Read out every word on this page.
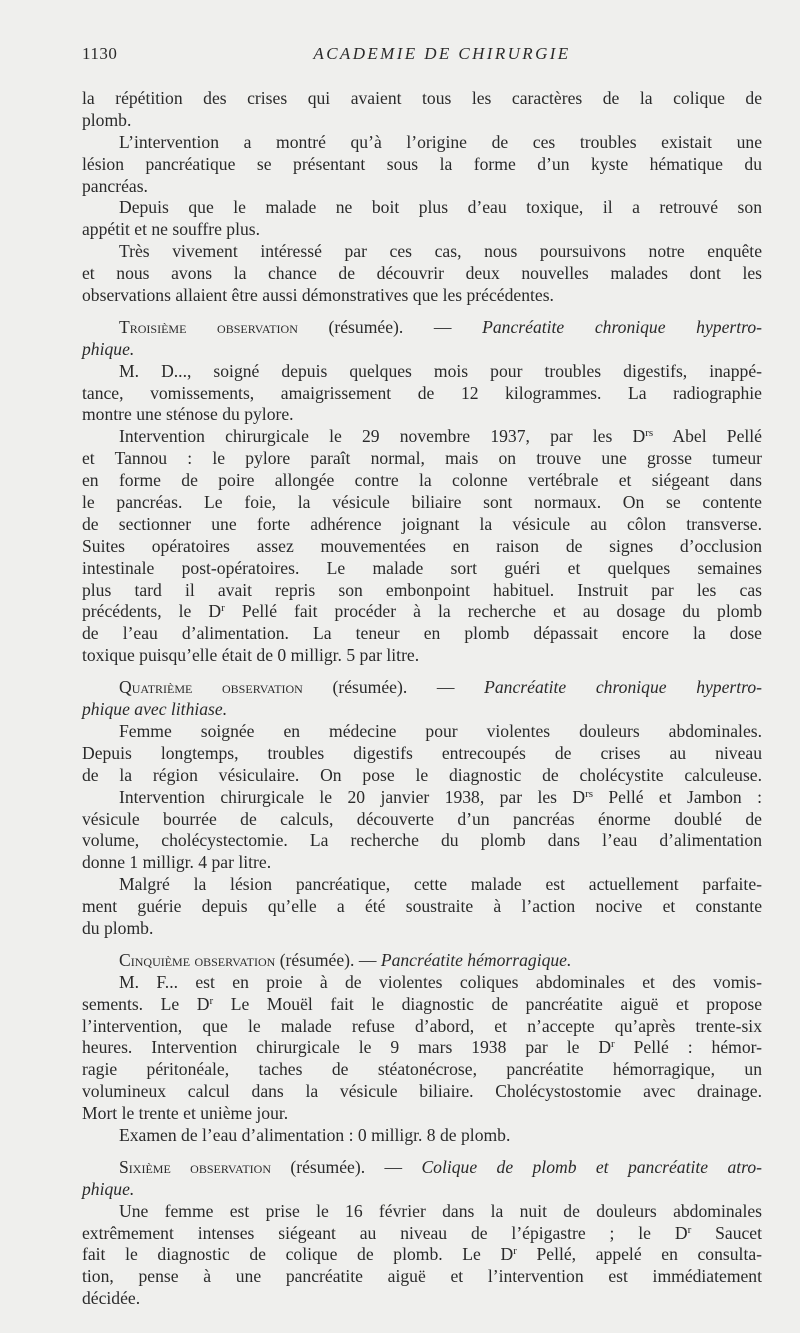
1130	ACADEMIE DE CHIRURGIE
la répétition des crises qui avaient tous les caractères de la colique de
plomb.
L’intervention a montré qu’à l’origine de ces troubles existait une
lésion pancréatique se présentant sous la forme d’un kyste hématique du
pancréas.
Depuis que le malade ne boit plus d’eau toxique, il a retrouvé son
appétit et ne souffre plus.
Très vivement intéressé par ces cas, nous poursuivons notre enquête
et nous avons la chance de découvrir deux nouvelles malades dont les
observations allaient être aussi démonstratives que les précédentes.
Troisième observation (résumée). — Pancréatite chronique hypertro-
phique.
M. D..., soigné depuis quelques mois pour troubles digestifs, inappé-
tance, vomissements, amaigrissement de 12 kilogrammes. La radiographie
montre une sténose du pylore.
Intervention chirurgicale le 29 novembre 1937, par les $D^{rs}$ Abel Pellé
et Tannou : le pylore paraît normal, mais on trouve une grosse tumeur
en forme de poire allongée contre la colonne vertébrale et siégeant dans
le pancréas. Le foie, la vésicule biliaire sont normaux. On se contente
de sectionner une forte adhérence joignant la vésicule au côlon transverse.
Suites opératoires assez mouvementées en raison de signes d’occlusion
intestinale post-opératoires. Le malade sort guéri et quelques semaines
plus tard il avait repris son embonpoint habituel. Instruit par les cas
précédents, le $D^r$ Pellé fait procéder à la recherche et au dosage du plomb
de l’eau d’alimentation. La teneur en plomb dépassait encore la dose
toxique puisqu’elle était de 0 milligr. 5 par litre.
Quatrième observation (résumée). — Pancréatite chronique hypertro-
phique avec lithiase.
Femme soignée en médecine pour violentes douleurs abdominales.
Depuis longtemps, troubles digestifs entrecoupés de crises au niveau
de la région vésiculaire. On pose le diagnostic de cholécystite calculeuse.
Intervention chirurgicale le 20 janvier 1938, par les $D^{rs}$ Pellé et Jambon :
vésicule bourrée de calculs, découverte d’un pancréas énorme doublé de
volume, cholécystectomie. La recherche du plomb dans l’eau d’alimentation
donne 1 milligr. 4 par litre.
Malgré la lésion pancréatique, cette malade est actuellement parfaite-
ment guérie depuis qu’elle a été soustraite à l’action nocive et constante
du plomb.
Cinquième observation (résumée). — Pancréatite hémorragique.
M. F... est en proie à de violentes coliques abdominales et des vomis-
sements. Le $D^r$ Le Mouël fait le diagnostic de pancréatite aiguë et propose
l’intervention, que le malade refuse d’abord, et n’accepte qu’après trente-six
heures. Intervention chirurgicale le 9 mars 1938 par le $D^r$ Pellé : hémor-
ragie péritonéale, taches de stéatonécrose, pancréatite hémorragique, un
volumineux calcul dans la vésicule biliaire. Cholécystostomie avec drainage.
Mort le trente et unième jour.
Examen de l’eau d’alimentation : 0 milligr. 8 de plomb.
Sixième observation (résumée). — Colique de plomb et pancréatite atro-
phique.
Une femme est prise le 16 février dans la nuit de douleurs abdominales
extrêmement intenses siégeant au niveau de l’épigastre ; le $D^r$ Saucet
fait le diagnostic de colique de plomb. Le $D^r$ Pellé, appelé en consulta-
tion, pense à une pancréatite aiguë et l’intervention est immédiatement
décidée.
